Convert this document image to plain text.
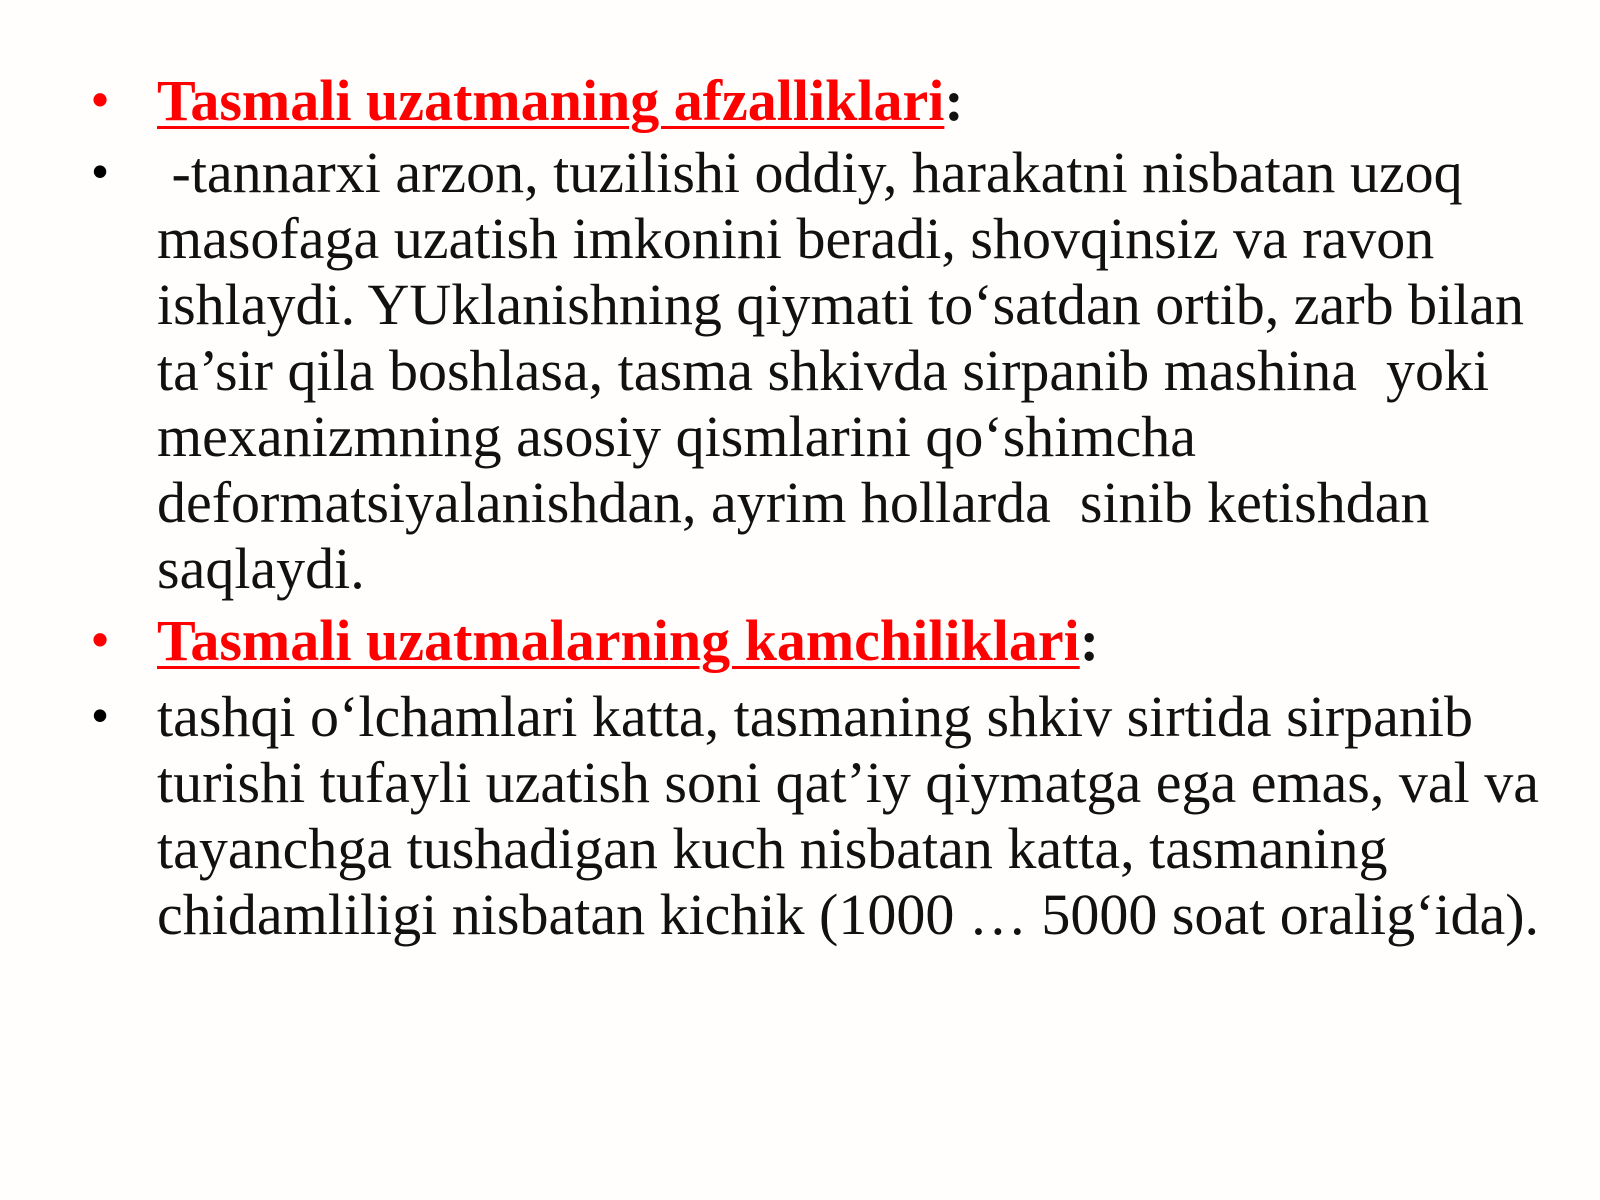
• Tasmali uzatmaning afzalliklari:
• -tannarxi arzon, tuzilishi oddiy, harakatni nisbatan uzoq masofaga uzatish imkonini beradi, shovqinsiz va ravon ishlaydi. YUklanishning qiymati to‘satdan ortib, zarb bilan ta’sir qila boshlasa, tasma shkivda sirpanib mashina  yoki mexanizmning asosiy qismlarini qo‘shimcha deformatsiyalanishdan, ayrim hollarda  sinib ketishdan saqlaydi.
• Tasmali uzatmalarning kamchiliklari:
• tashqi o‘lchamlari katta, tasmaning shkiv sirtida sirpanib turishi tufayli uzatish soni qat’iy qiymatga ega emas, val va tayanchga tushadigan kuch nisbatan katta, tasmaning chidamliligi nisbatan kichik (1000 … 5000 soat oralig‘ida).
